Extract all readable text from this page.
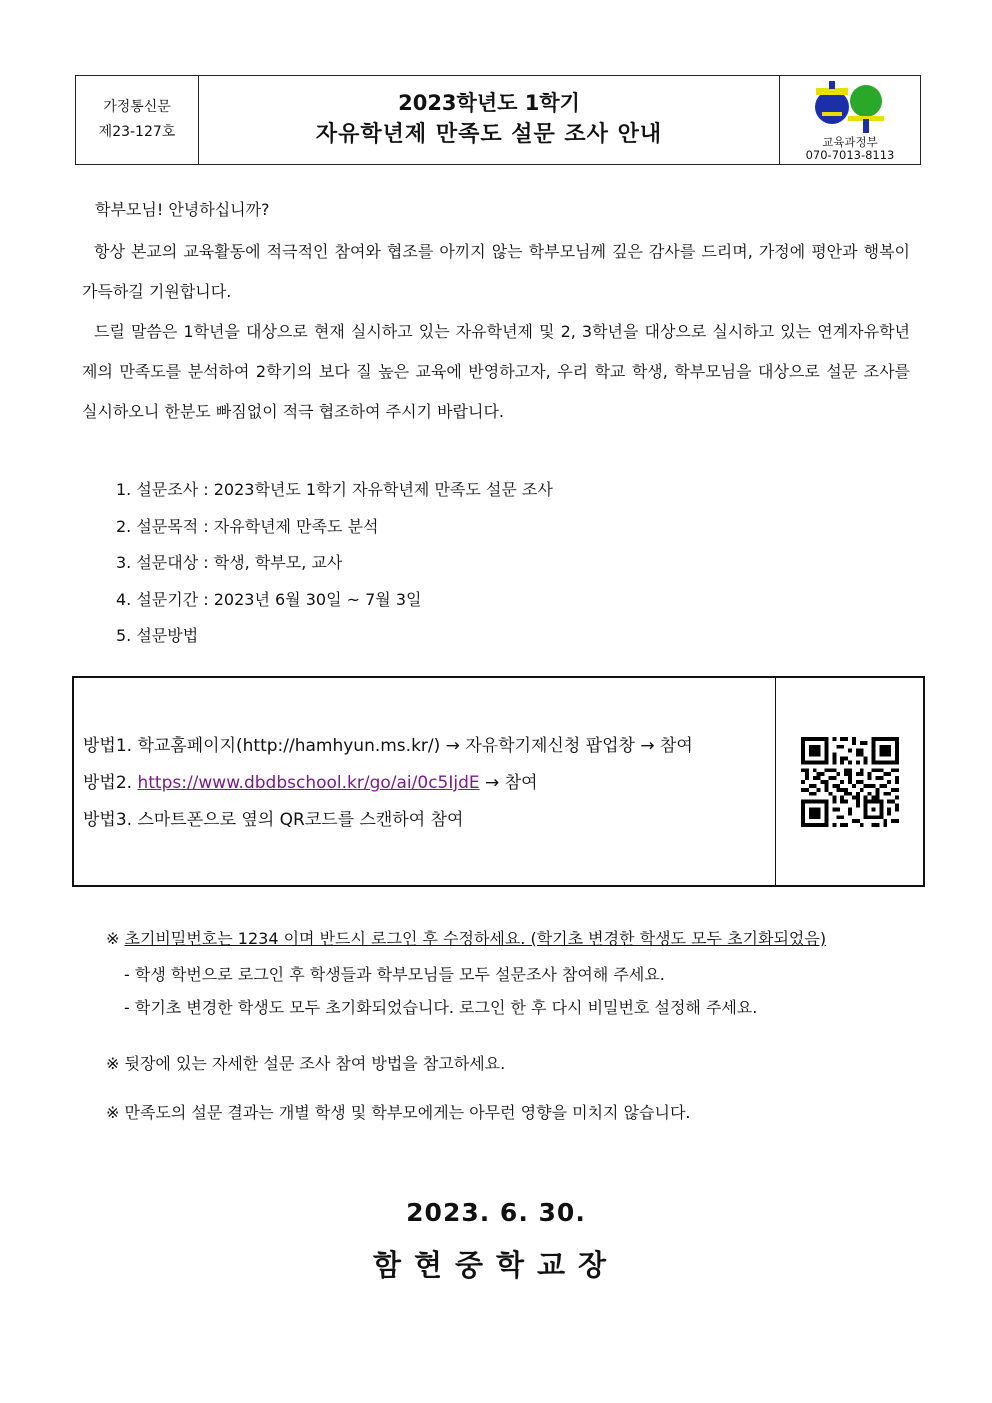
가정통신문
제23-127호
2023학년도 1학기
자유학년제 만족도 설문 조사 안내	교육과정부
070-7013-8113
학부모님! 안녕하십니까?
항상 본교의 교육활동에 적극적인 참여와 협조를 아끼지 않는 학부모님께 깊은 감사를 드리며, 가정에 평안과 행복이 가득하길 기원합니다.
드릴 말씀은 1학년을 대상으로 현재 실시하고 있는 자유학년제 및 2, 3학년을 대상으로 실시하고 있는 연계자유학년제의 만족도를 분석하여 2학기의 보다 질 높은 교육에 반영하고자, 우리 학교 학생, 학부모님을 대상으로 설문 조사를 실시하오니 한분도 빠짐없이 적극 협조하여 주시기 바랍니다.
1. 설문조사 : 2023학년도 1학기 자유학년제 만족도 설문 조사
2. 설문목적 : 자유학년제 만족도 분석
3. 설문대상 : 학생, 학부모, 교사
4. 설문기간 : 2023년 6월 30일 ~ 7월 3일
5. 설문방법
방법1. 학교홈페이지(http://hamhyun.ms.kr/) → 자유학기제신청 팝업창 → 참여
방법2. https://www.dbdbschool.kr/go/ai/0c5IjdE → 참여
방법3. 스마트폰으로 옆의 QR코드를 스캔하여 참여
※ 초기비밀번호는 1234 이며 반드시 로그인 후 수정하세요. (학기초 변경한 학생도 모두 초기화되었음)
- 학생 학번으로 로그인 후 학생들과 학부모님들 모두 설문조사 참여해 주세요.
- 학기초 변경한 학생도 모두 초기화되었습니다. 로그인 한 후 다시 비밀번호 설정해 주세요.
※ 뒷장에 있는 자세한 설문 조사 참여 방법을 참고하세요.
※ 만족도의 설문 결과는 개별 학생 및 학부모에게는 아무런 영향을 미치지 않습니다.
2023. 6. 30.
함현중학교장
